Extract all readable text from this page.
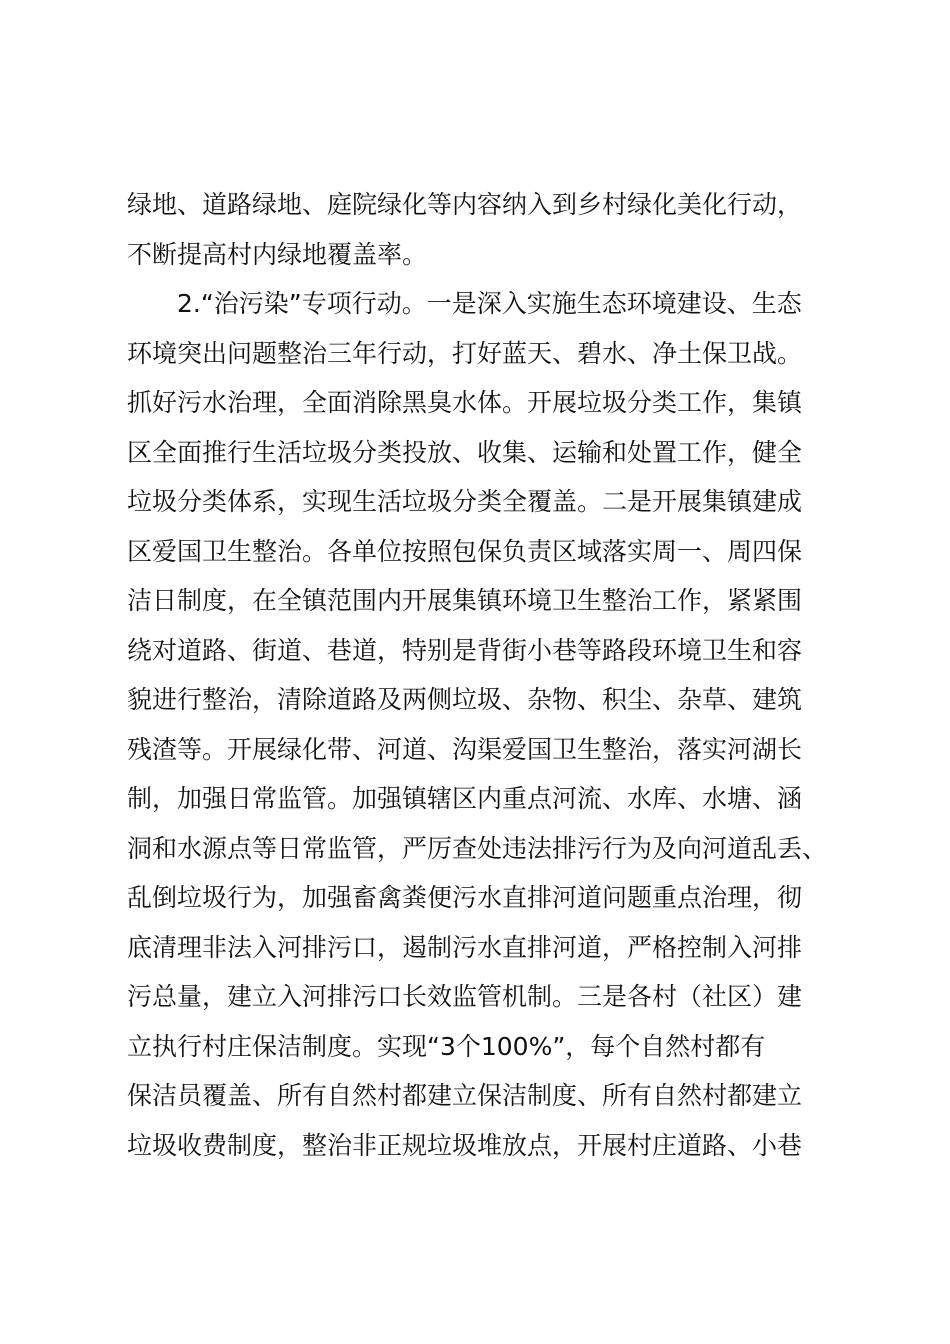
绿地、道路绿地、庭院绿化等内容纳入到乡村绿化美化行动，
不断提高村内绿地覆盖率。
2.“治污染”专项行动。一是深入实施生态环境建设、生态
环境突出问题整治三年行动，打好蓝天、碧水、净土保卫战。
抓好污水治理，全面消除黑臭水体。开展垃圾分类工作，集镇
区全面推行生活垃圾分类投放、收集、运输和处置工作，健全
垃圾分类体系，实现生活垃圾分类全覆盖。二是开展集镇建成
区爱国卫生整治。各单位按照包保负责区域落实周一、周四保
洁日制度，在全镇范围内开展集镇环境卫生整治工作，紧紧围
绕对道路、街道、巷道，特别是背街小巷等路段环境卫生和容
貌进行整治，清除道路及两侧垃圾、杂物、积尘、杂草、建筑
残渣等。开展绿化带、河道、沟渠爱国卫生整治，落实河湖长
制，加强日常监管。加强镇辖区内重点河流、水库、水塘、涵
洞和水源点等日常监管，严厉查处违法排污行为及向河道乱丢、
乱倒垃圾行为，加强畜禽粪便污水直排河道问题重点治理，彻
底清理非法入河排污口，遏制污水直排河道，严格控制入河排
污总量，建立入河排污口长效监管机制。三是各村（社区）建
立执行村庄保洁制度。实现“3个100%”，每个自然村都有
保洁员覆盖、所有自然村都建立保洁制度、所有自然村都建立
垃圾收费制度，整治非正规垃圾堆放点，开展村庄道路、小巷
